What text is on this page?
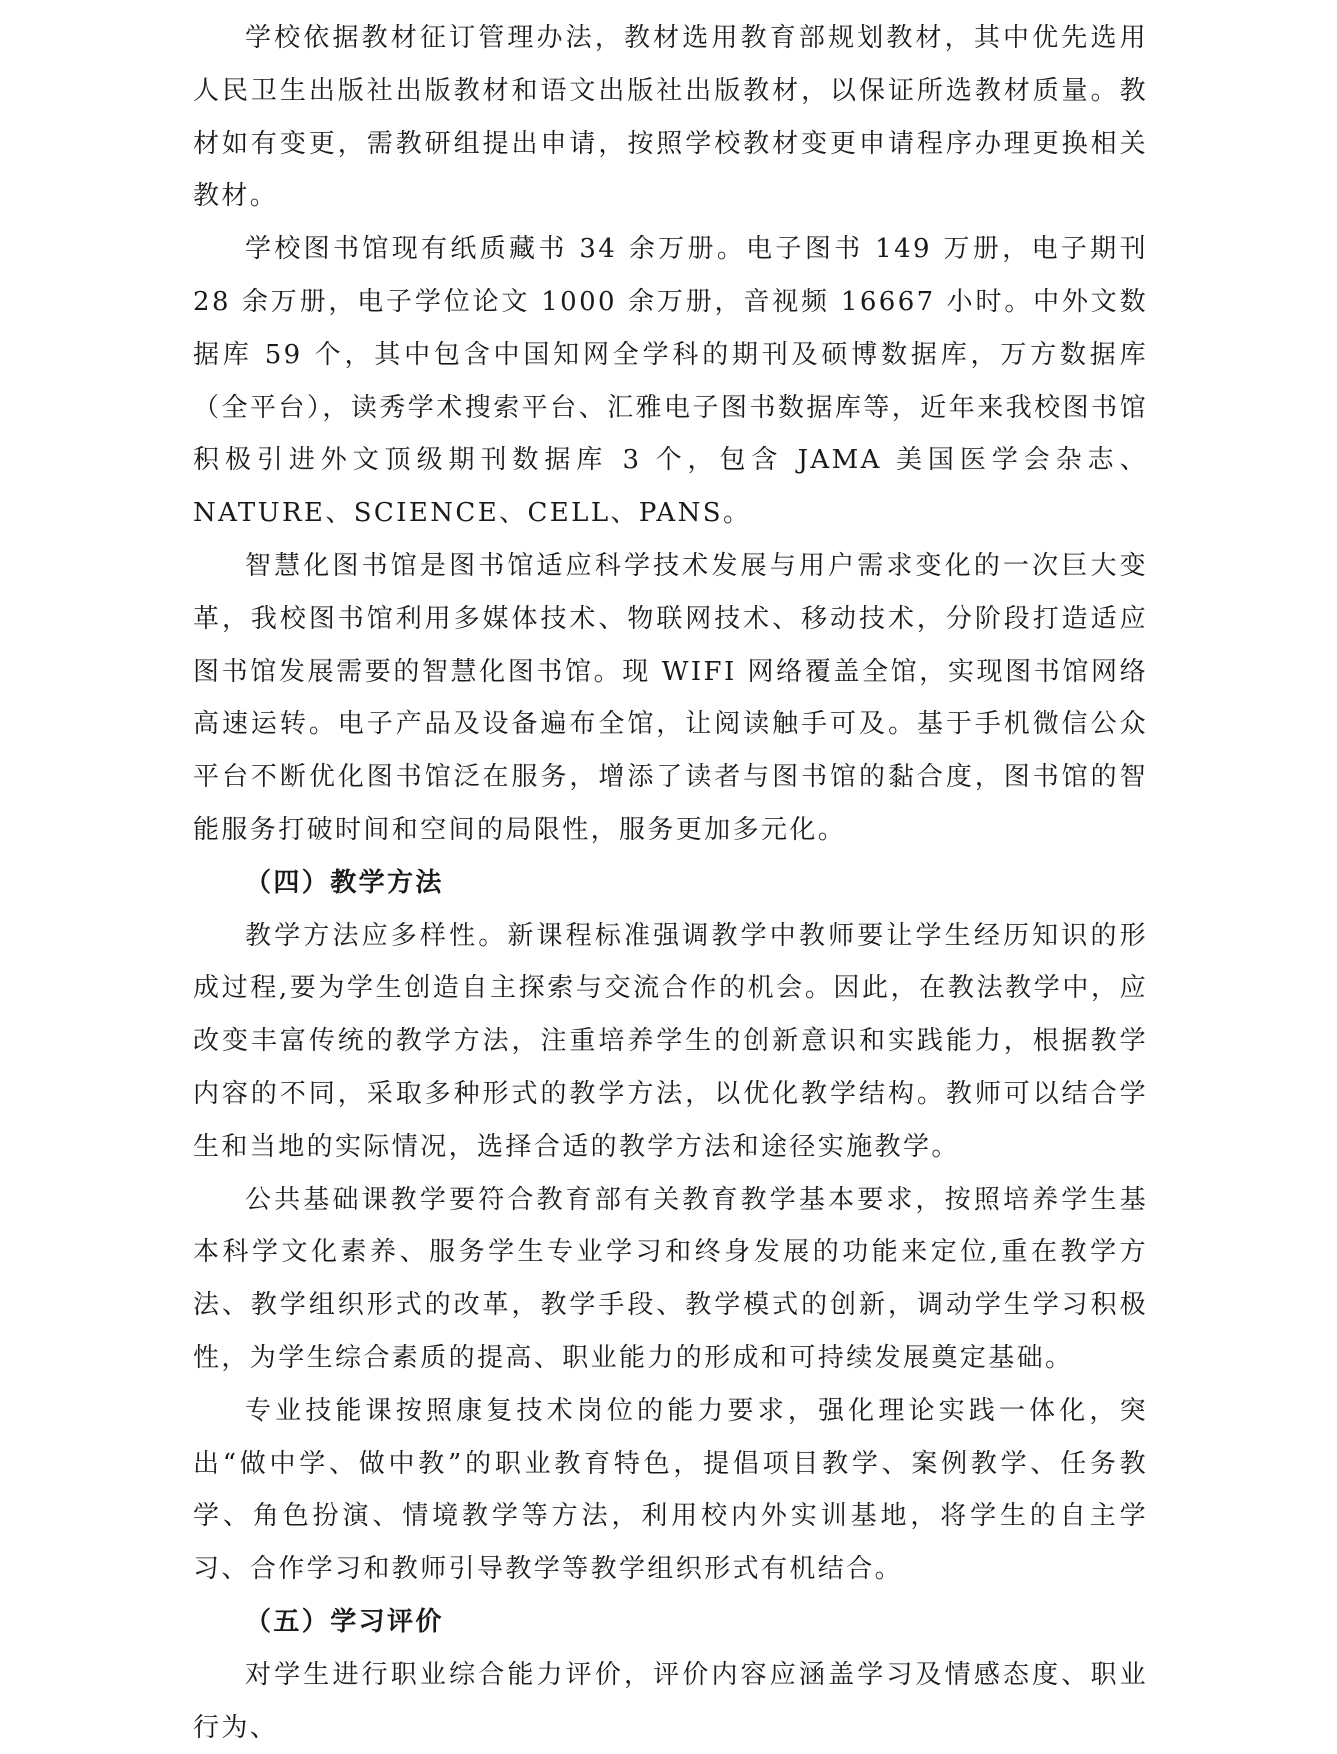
学校依据教材征订管理办法，教材选用教育部规划教材，其中优先选用人民卫生出版社出版教材和语文出版社出版教材，以保证所选教材质量。教材如有变更，需教研组提出申请，按照学校教材变更申请程序办理更换相关教材。

学校图书馆现有纸质藏书 34 余万册。电子图书 149 万册，电子期刊 28 余万册，电子学位论文 1000 余万册，音视频 16667 小时。中外文数据库 59 个，其中包含中国知网全学科的期刊及硕博数据库，万方数据库（全平台），读秀学术搜索平台、汇雅电子图书数据库等，近年来我校图书馆积极引进外文顶级期刊数据库 3 个，包含 JAMA 美国医学会杂志、NATURE、SCIENCE、CELL、PANS。

智慧化图书馆是图书馆适应科学技术发展与用户需求变化的一次巨大变革，我校图书馆利用多媒体技术、物联网技术、移动技术，分阶段打造适应图书馆发展需要的智慧化图书馆。现 WIFI 网络覆盖全馆，实现图书馆网络高速运转。电子产品及设备遍布全馆，让阅读触手可及。基于手机微信公众平台不断优化图书馆泛在服务，增添了读者与图书馆的黏合度，图书馆的智能服务打破时间和空间的局限性，服务更加多元化。

（四）教学方法

教学方法应多样性。新课程标准强调教学中教师要让学生经历知识的形成过程,要为学生创造自主探索与交流合作的机会。因此，在教法教学中，应改变丰富传统的教学方法，注重培养学生的创新意识和实践能力，根据教学内容的不同，采取多种形式的教学方法，以优化教学结构。教师可以结合学生和当地的实际情况，选择合适的教学方法和途径实施教学。

公共基础课教学要符合教育部有关教育教学基本要求，按照培养学生基本科学文化素养、服务学生专业学习和终身发展的功能来定位,重在教学方法、教学组织形式的改革，教学手段、教学模式的创新，调动学生学习积极性，为学生综合素质的提高、职业能力的形成和可持续发展奠定基础。

专业技能课按照康复技术岗位的能力要求，强化理论实践一体化，突出“做中学、做中教”的职业教育特色，提倡项目教学、案例教学、任务教学、角色扮演、情境教学等方法，利用校内外实训基地，将学生的自主学习、合作学习和教师引导教学等教学组织形式有机结合。

（五）学习评价

对学生进行职业综合能力评价，评价内容应涵盖学习及情感态度、职业行为、
